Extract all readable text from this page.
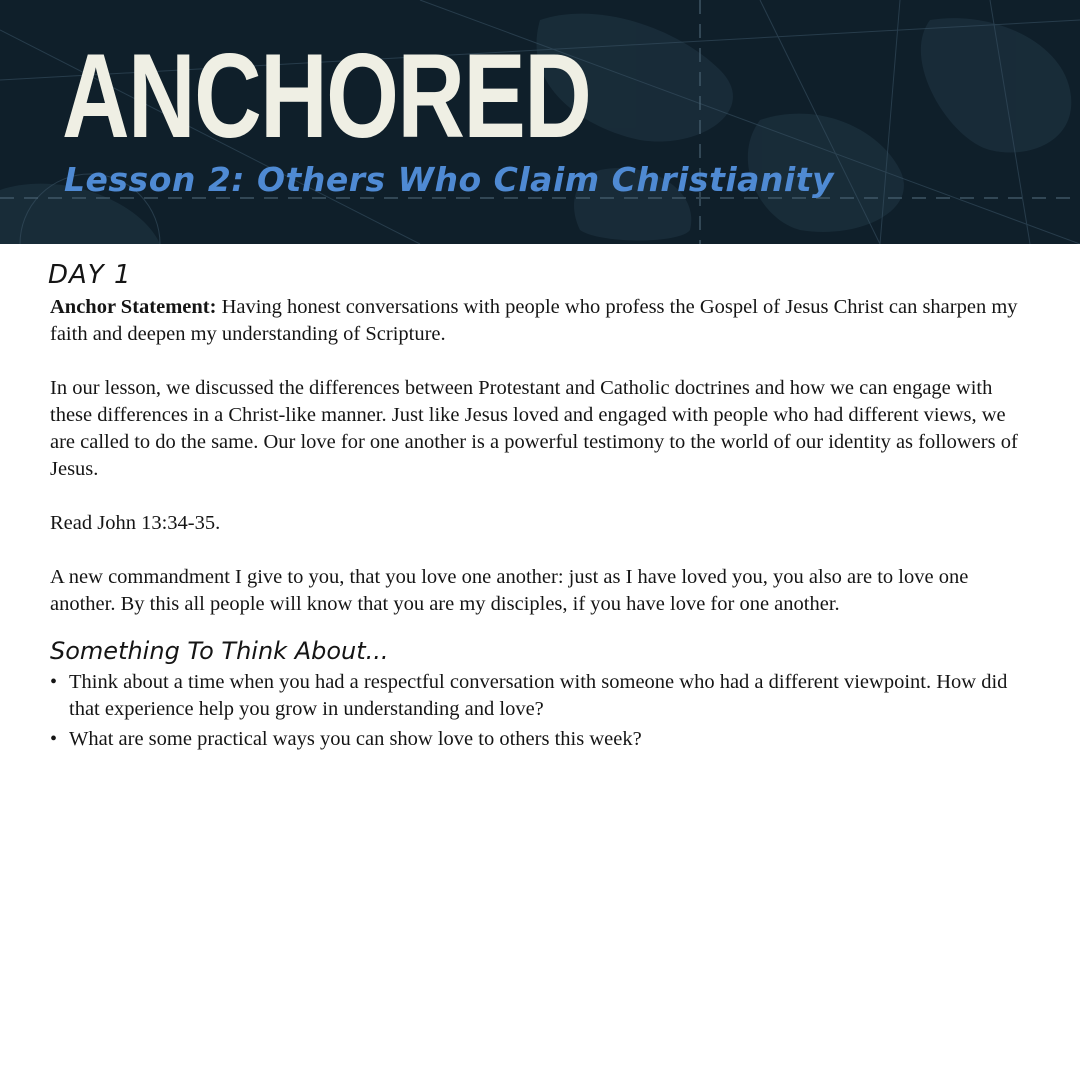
ANCHORED
Lesson 2: Others Who Claim Christianity
DAY 1

Anchor Statement: Having honest conversations with people who profess the Gospel of Jesus Christ can sharpen my faith and deepen my understanding of Scripture.

In our lesson, we discussed the differences between Protestant and Catholic doctrines and how we can engage with these differences in a Christ-like manner. Just like Jesus loved and engaged with people who had different views, we are called to do the same. Our love for one another is a powerful testimony to the world of our identity as followers of Jesus.

Read John 13:34-35.

A new commandment I give to you, that you love one another: just as I have loved you, you also are to love one another. By this all people will know that you are my disciples, if you have love for one another.

Something To Think About...
• Think about a time when you had a respectful conversation with someone who had a different viewpoint. How did that experience help you grow in understanding and love?
• What are some practical ways you can show love to others this week?
